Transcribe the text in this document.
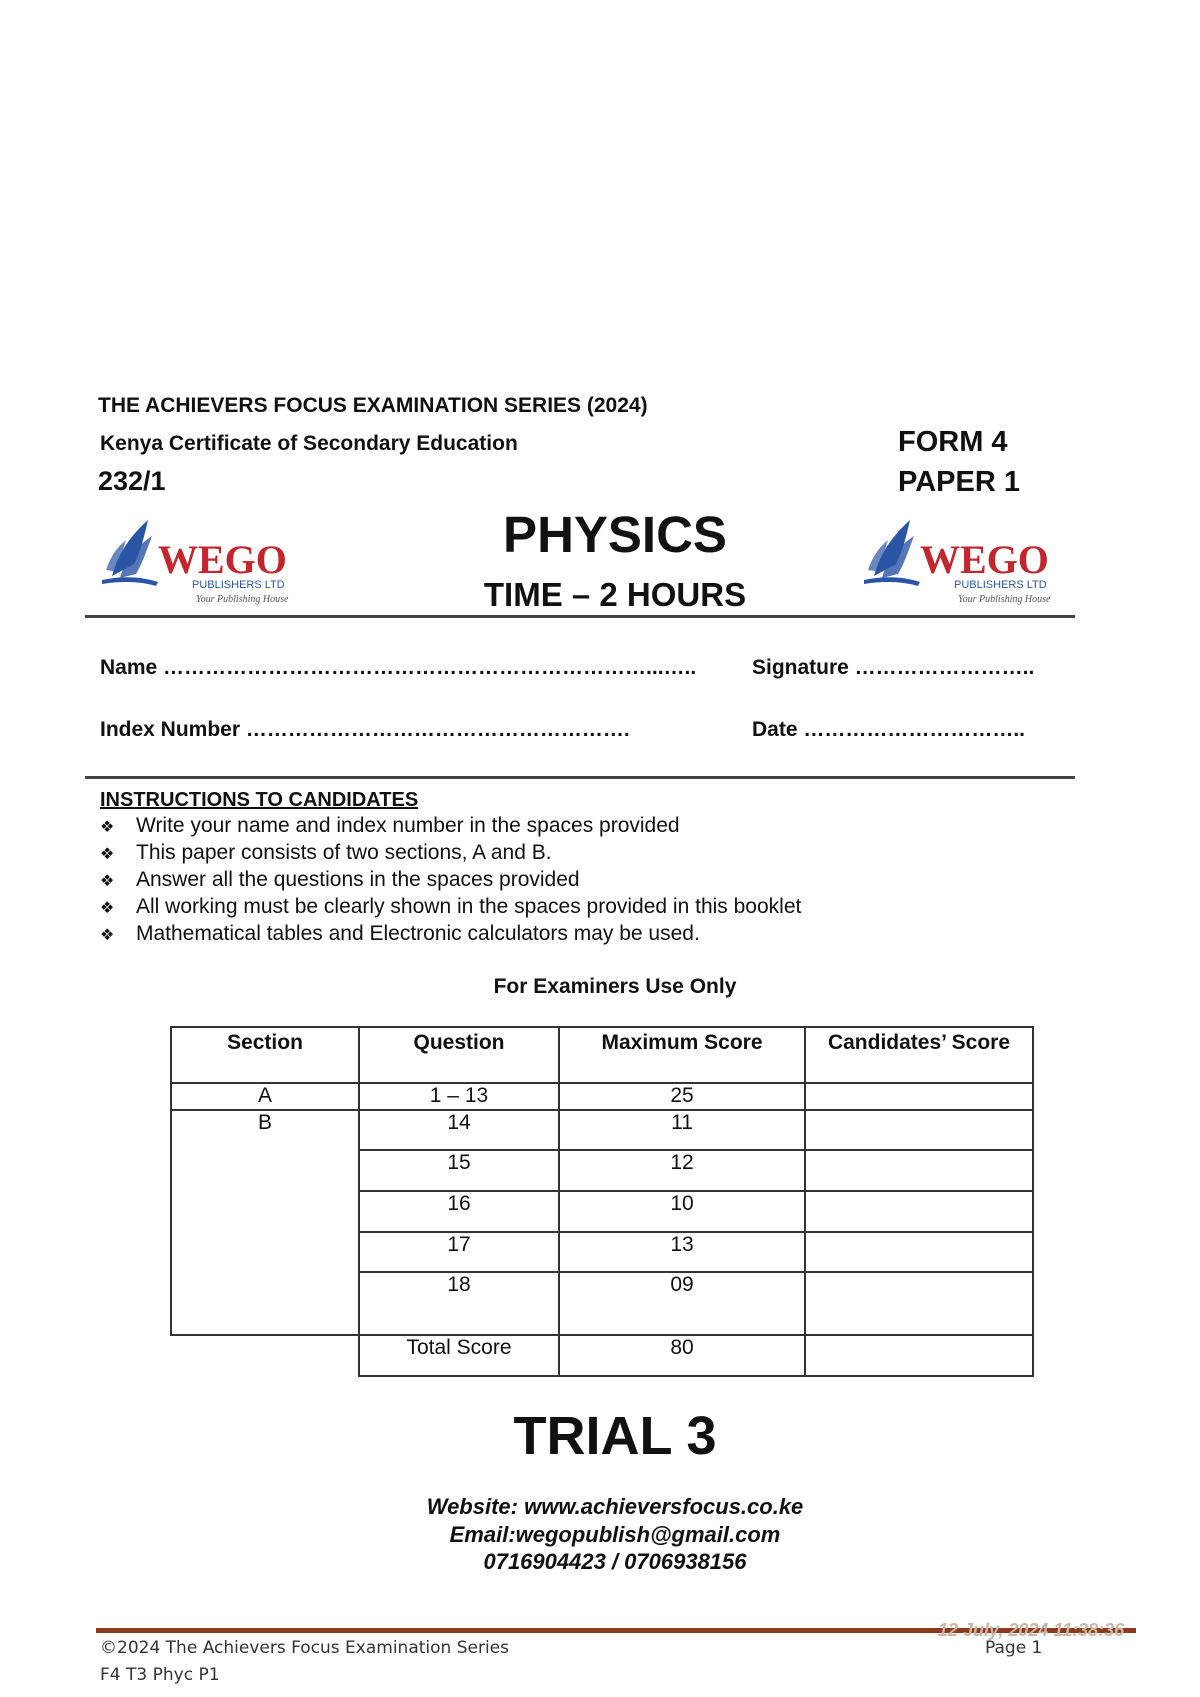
THE ACHIEVERS FOCUS EXAMINATION SERIES (2024)
Kenya Certificate of Secondary Education
232/1
FORM 4
PAPER 1
WEGO
PUBLISHERS LTD
Your Publishing House
PHYSICS
TIME – 2 HOURS
WEGO
PUBLISHERS LTD
Your Publishing House
Name ……………………………………………………………...…..	Signature ……………………..
Index Number ……………………………………………….	Date …………………………..
INSTRUCTIONS TO CANDIDATES
❖ Write your name and index number in the spaces provided
❖ This paper consists of two sections, A and B.
❖ Answer all the questions in the spaces provided
❖ All working must be clearly shown in the spaces provided in this booklet
❖ Mathematical tables and Electronic calculators may be used.
For Examiners Use Only
Section	Question	Maximum Score	Candidates’ Score
A	1 – 13	25	
B	14	11	
	15	12	
	16	10	
	17	13	
	18	09	
	Total Score	80	
TRIAL 3
Website: www.achieversfocus.co.ke
Email:wegopublish@gmail.com
0716904423 / 0706938156
12 July, 2024 11:38:36
©2024 The Achievers Focus Examination Series	Page 1
F4 T3 Phyc P1
